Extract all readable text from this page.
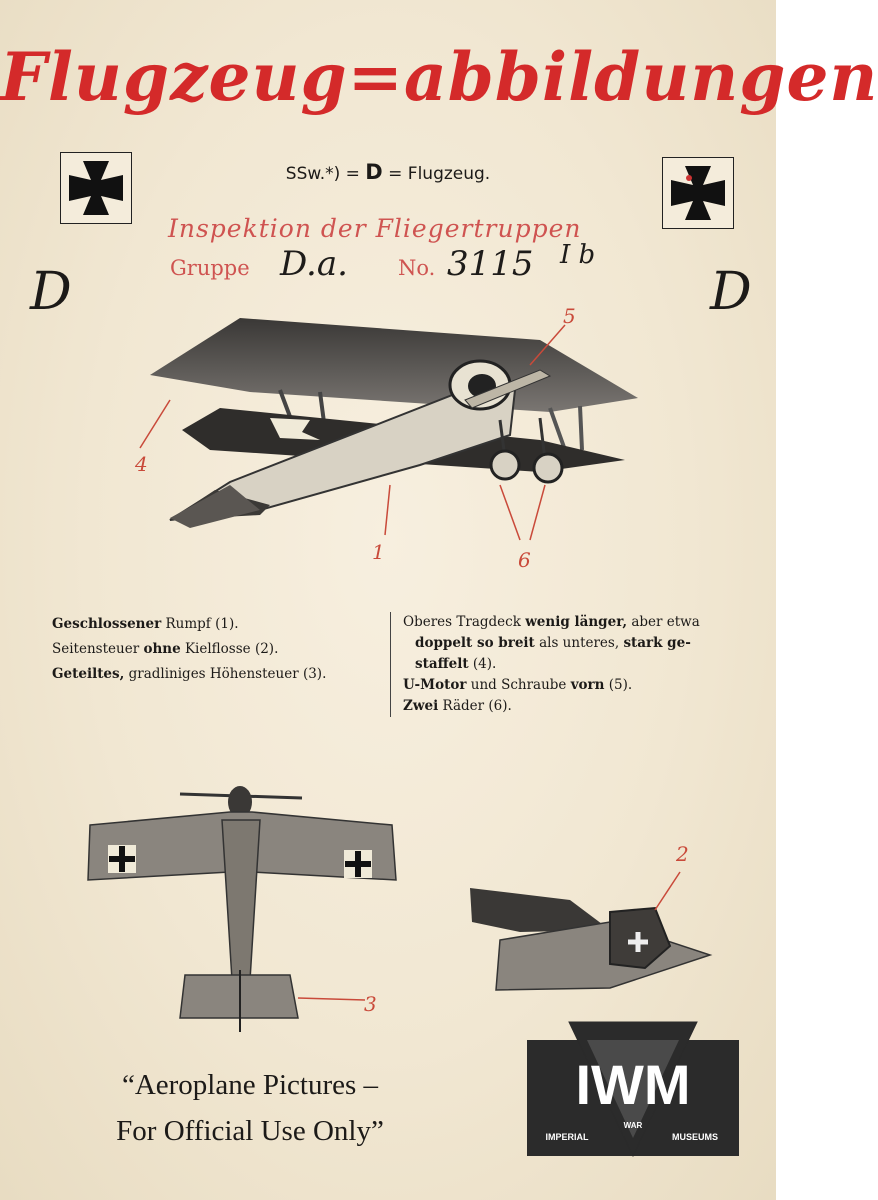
Flugzeug=abbildungen
SSw.*) = D = Flugzeug.
D	D
Inspektion der Fliegertruppen
Gruppe	No.
D.a.	3115 I b
4
1	6
5
Geschlossener Rumpf (1).
Seitensteuer ohne Kielflosse (2).
Geteiltes, gradliniges Höhensteuer (3).
Oberes Tragdeck wenig länger, aber etwa
doppelt so breit als unteres, stark ge-
staffelt (4).
U-Motor und Schraube vorn (5).
Zwei Räder (6).
3
2
“Aeroplane Pictures –
For Official Use Only”
IWM
IMPERIAL
WAR
MUSEUMS
